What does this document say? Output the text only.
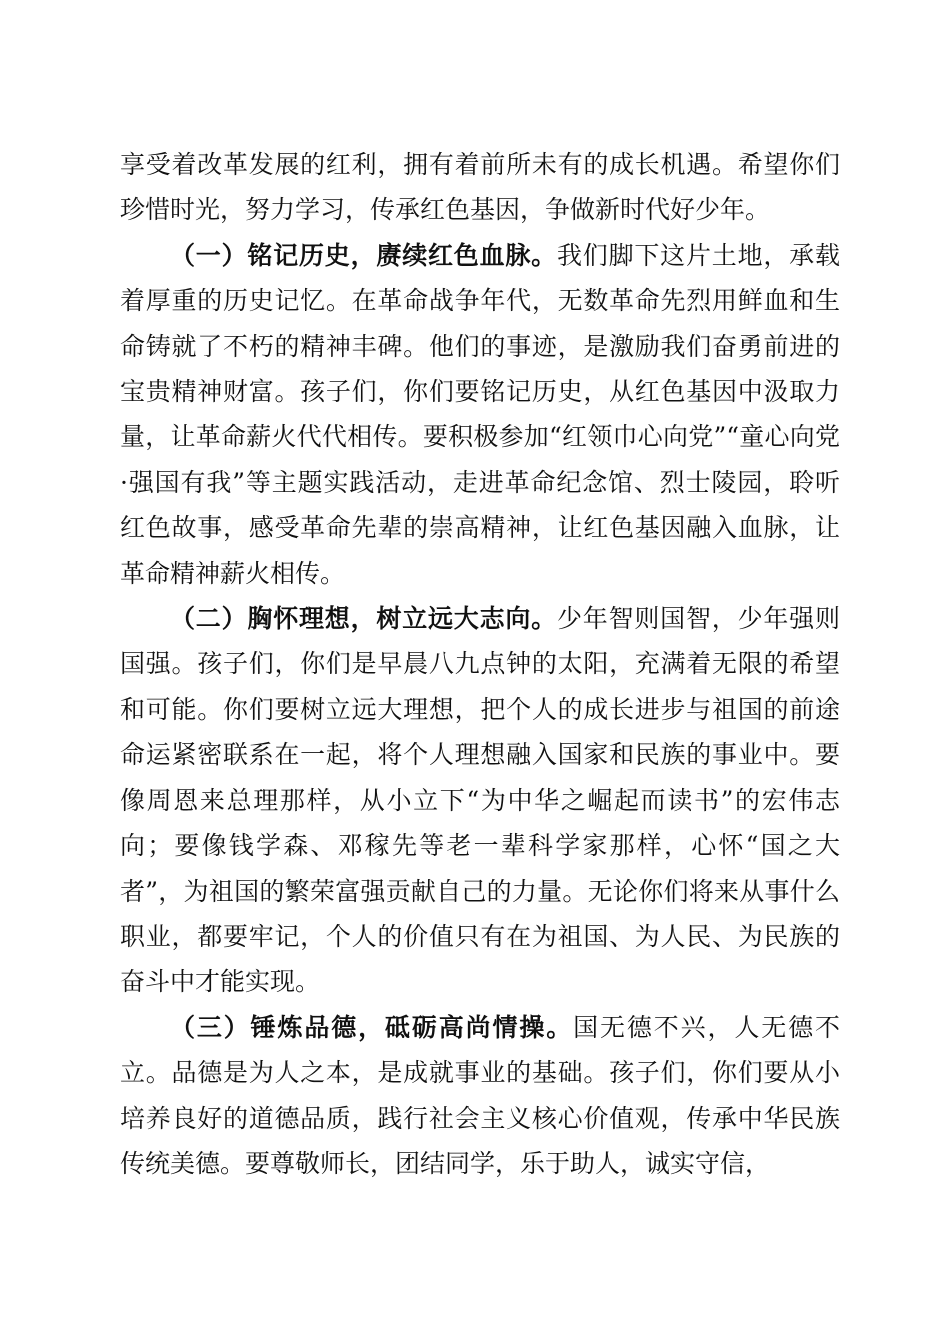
享受着改革发展的红利，拥有着前所未有的成长机遇。希望你们珍惜时光，努力学习，传承红色基因，争做新时代好少年。

（一）铭记历史，赓续红色血脉。我们脚下这片土地，承载着厚重的历史记忆。在革命战争年代，无数革命先烈用鲜血和生命铸就了不朽的精神丰碑。他们的事迹，是激励我们奋勇前进的宝贵精神财富。孩子们，你们要铭记历史，从红色基因中汲取力量，让革命薪火代代相传。要积极参加“红领巾心向党”“童心向党·强国有我”等主题实践活动，走进革命纪念馆、烈士陵园，聆听红色故事，感受革命先辈的崇高精神，让红色基因融入血脉，让革命精神薪火相传。

（二）胸怀理想，树立远大志向。少年智则国智，少年强则国强。孩子们，你们是早晨八九点钟的太阳，充满着无限的希望和可能。你们要树立远大理想，把个人的成长进步与祖国的前途命运紧密联系在一起，将个人理想融入国家和民族的事业中。要像周恩来总理那样，从小立下“为中华之崛起而读书”的宏伟志向；要像钱学森、邓稼先等老一辈科学家那样，心怀“国之大者”，为祖国的繁荣富强贡献自己的力量。无论你们将来从事什么职业，都要牢记，个人的价值只有在为祖国、为人民、为民族的奋斗中才能实现。

（三）锤炼品德，砥砺高尚情操。国无德不兴，人无德不立。品德是为人之本，是成就事业的基础。孩子们，你们要从小培养良好的道德品质，践行社会主义核心价值观，传承中华民族传统美德。要尊敬师长，团结同学，乐于助人，诚实守信，
